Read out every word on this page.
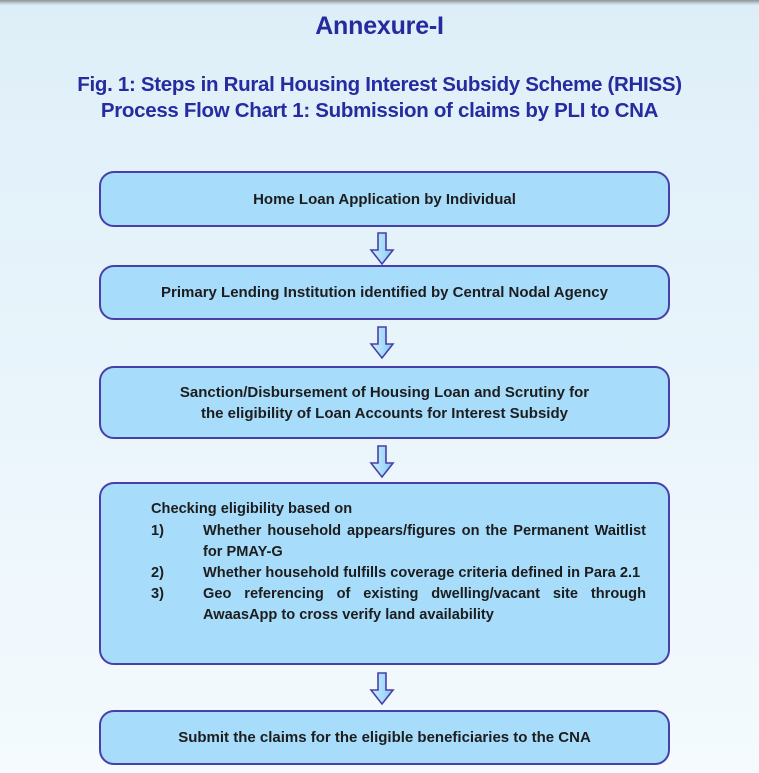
Annexure-I
Fig. 1: Steps in Rural Housing Interest Subsidy Scheme (RHISS)
Process Flow Chart 1: Submission of claims by PLI to CNA
Home Loan Application by Individual
Primary Lending Institution identified by Central Nodal Agency
Sanction/Disbursement of Housing Loan and Scrutiny for
the eligibility of Loan Accounts for Interest Subsidy
Checking eligibility based on
1)	Whether household appears/figures on the Permanent Waitlist for PMAY-G
2)	Whether household fulfills coverage criteria defined in Para 2.1
3)	Geo referencing of existing dwelling/vacant site through AwaasApp to cross verify land availability
Submit the claims for the eligible beneficiaries to the CNA
